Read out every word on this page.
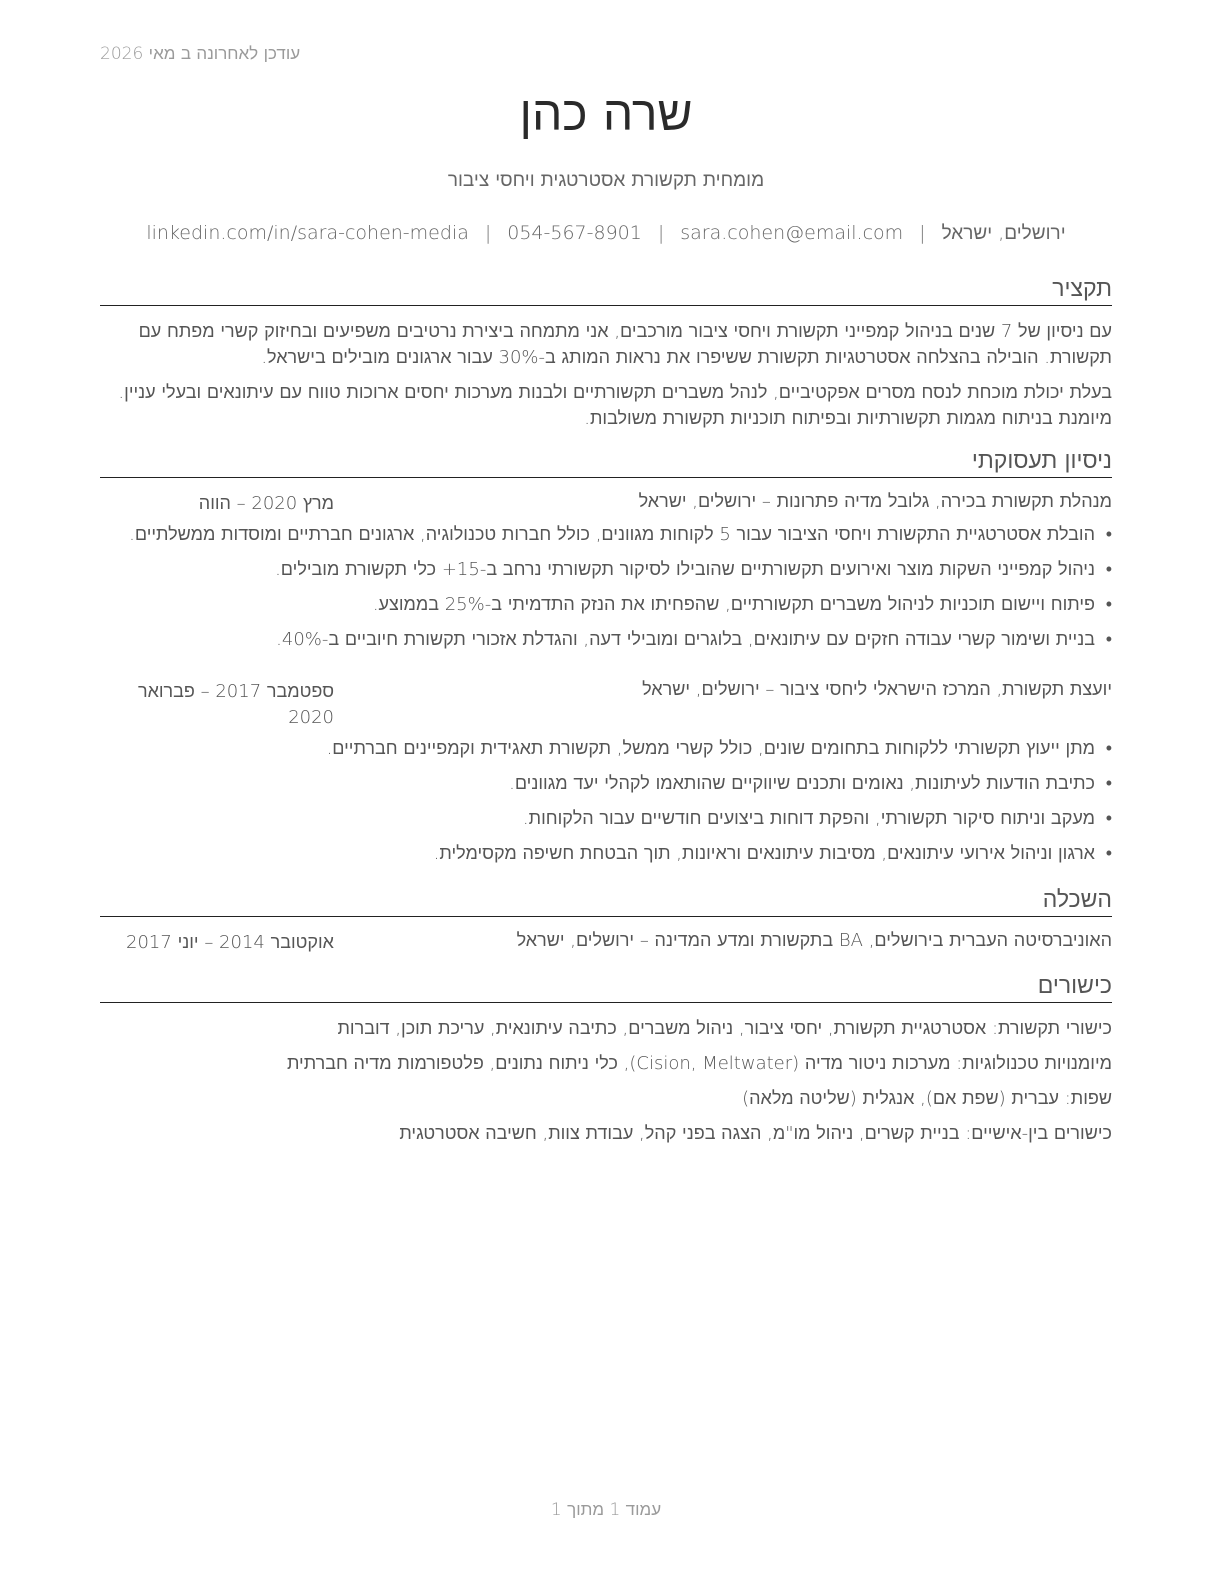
עודכן לאחרונה ב מאי 2026
שרה כהן
מומחית תקשורת אסטרטגית ויחסי ציבור
ירושלים, ישראל|sara.cohen@email.com|054-567-8901|linkedin.com/in/sara-cohen-media
תקציר
עם ניסיון של 7 שנים בניהול קמפייני תקשורת ויחסי ציבור מורכבים, אני מתמחה ביצירת נרטיבים משפיעים ובחיזוק קשרי מפתח עם תקשורת. הובילה בהצלחה אסטרטגיות תקשורת ששיפרו את נראות המותג ב-30% עבור ארגונים מובילים בישראל.
בעלת יכולת מוכחת לנסח מסרים אפקטיביים, לנהל משברים תקשורתיים ולבנות מערכות יחסים ארוכות טווח עם עיתונאים ובעלי עניין. מיומנת בניתוח מגמות תקשורתיות ובפיתוח תוכניות תקשורת משולבות.
ניסיון תעסוקתי
מנהלת תקשורת בכירה, גלובל מדיה פתרונות – ירושלים, ישראל
מרץ 2020 – הווה
• הובלת אסטרטגיית התקשורת ויחסי הציבור עבור 5 לקוחות מגוונים, כולל חברות טכנולוגיה, ארגונים חברתיים ומוסדות ממשלתיים.
• ניהול קמפייני השקות מוצר ואירועים תקשורתיים שהובילו לסיקור תקשורתי נרחב ב-15+ כלי תקשורת מובילים.
• פיתוח ויישום תוכניות לניהול משברים תקשורתיים, שהפחיתו את הנזק התדמיתי ב-25% בממוצע.
• בניית ושימור קשרי עבודה חזקים עם עיתונאים, בלוגרים ומובילי דעה, והגדלת אזכורי תקשורת חיוביים ב-40%.
יועצת תקשורת, המרכז הישראלי ליחסי ציבור – ירושלים, ישראל
ספטמבר 2017 – פברואר 2020
• מתן ייעוץ תקשורתי ללקוחות בתחומים שונים, כולל קשרי ממשל, תקשורת תאגידית וקמפיינים חברתיים.
• כתיבת הודעות לעיתונות, נאומים ותכנים שיווקיים שהותאמו לקהלי יעד מגוונים.
• מעקב וניתוח סיקור תקשורתי, והפקת דוחות ביצועים חודשיים עבור הלקוחות.
• ארגון וניהול אירועי עיתונאים, מסיבות עיתונאים וראיונות, תוך הבטחת חשיפה מקסימלית.
השכלה
האוניברסיטה העברית בירושלים, BA בתקשורת ומדע המדינה – ירושלים, ישראל
אוקטובר 2014 – יוני 2017
כישורים
כישורי תקשורת: אסטרטגיית תקשורת, יחסי ציבור, ניהול משברים, כתיבה עיתונאית, עריכת תוכן, דוברות
מיומנויות טכנולוגיות: מערכות ניטור מדיה (Cision, Meltwater), כלי ניתוח נתונים, פלטפורמות מדיה חברתית
שפות: עברית (שפת אם), אנגלית (שליטה מלאה)
כישורים בין-אישיים: בניית קשרים, ניהול מו"מ, הצגה בפני קהל, עבודת צוות, חשיבה אסטרטגית
עמוד 1 מתוך 1
